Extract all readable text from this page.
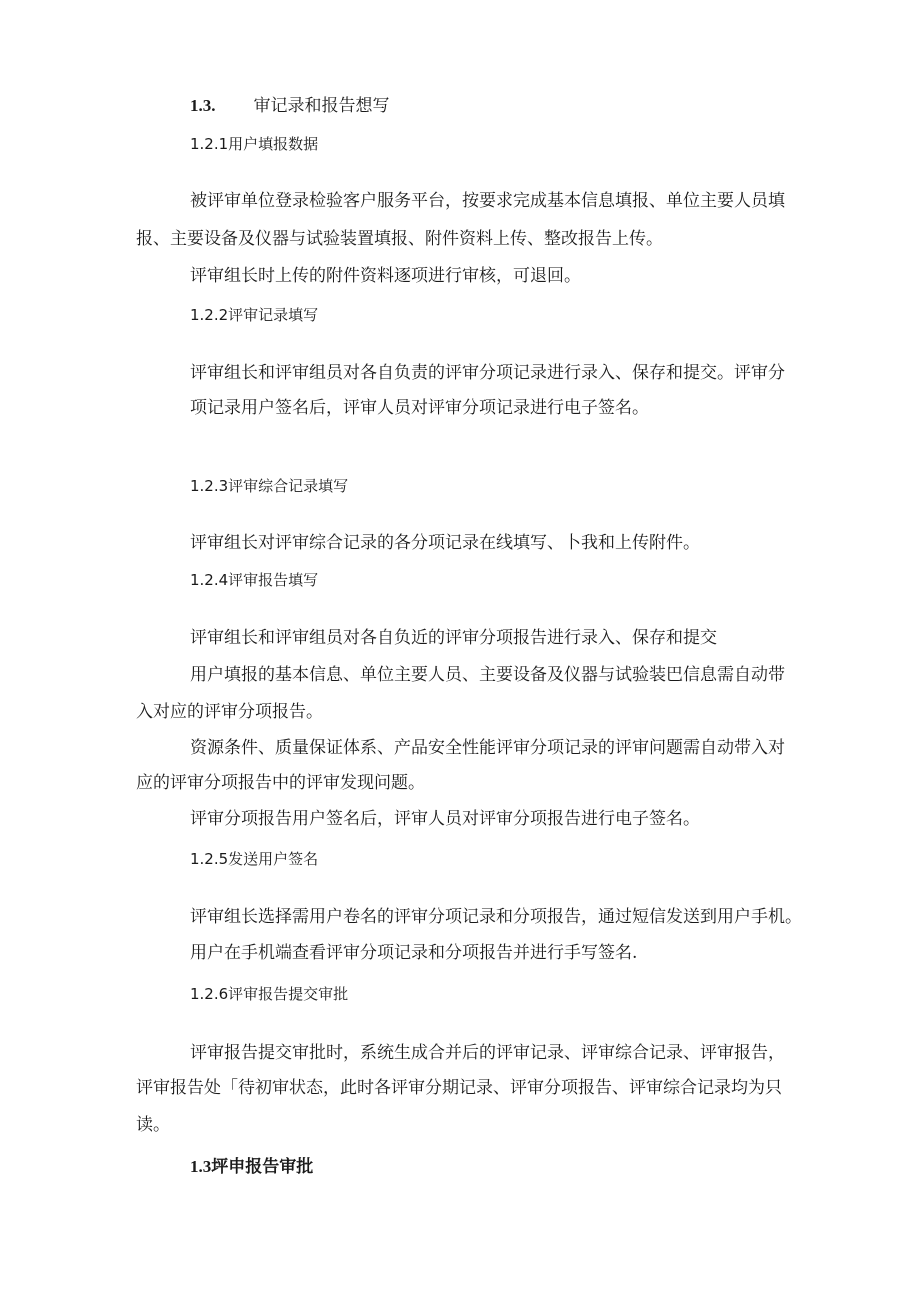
1.3. 审记录和报告想写
1.2.1用户填报数据
被评审单位登录检验客户服务平台，按要求完成基本信息填报、单位主要人员填
报、主要设备及仪器与试验装置填报、附件资料上传、整改报告上传。
评审组长时上传的附件资料逐项进行审核，可退回。
1.2.2评审记录填写
评审组长和评审组员对各自负责的评审分项记录进行录入、保存和提交。评审分
项记录用户签名后，评审人员对评审分项记录进行电子签名。
1.2.3评审综合记录填写
评审组长对评审综合记录的各分项记录在线填写、卜我和上传附件。
1.2.4评审报告填写
评审组长和评审组员对各自负近的评审分项报告进行录入、保存和提交
用户填报的基本信息、单位主要人员、主要设备及仪器与试验装巴信息需自动带
入对应的评审分项报告。
资源条件、质量保证体系、产品安全性能评审分项记录的评审问题需自动带入对
应的评审分项报告中的评审发现问题。
评审分项报告用户签名后，评审人员对评审分项报告进行电子签名。
1.2.5发送用户签名
评审组长选择需用户卷名的评审分项记录和分项报告，通过短信发送到用户手机。
用户在手机端查看评审分项记录和分项报告并进行手写签名.
1.2.6评审报告提交审批
评审报告提交审批时，系统生成合并后的评审记录、评审综合记录、评审报告，
评审报告处「待初审状态，此时各评审分期记录、评审分项报告、评审综合记录均为只
读。
1.3坪申报告审批
